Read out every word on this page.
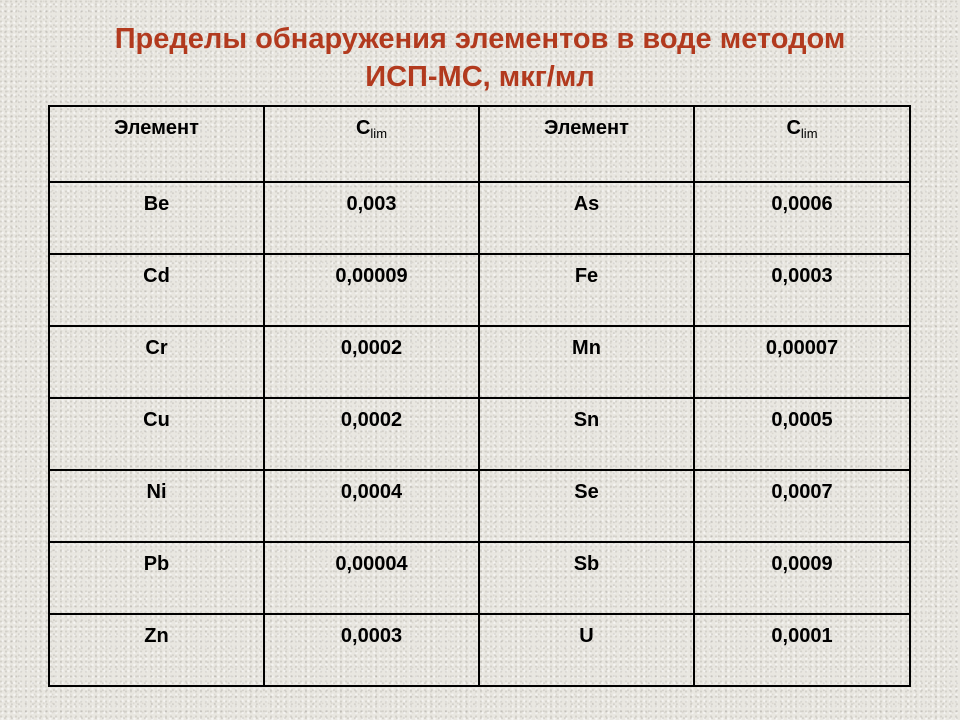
Пределы обнаружения элементов в воде методом
ИСП-МС, мкг/мл
Элемент	$C_{lim}$	Элемент	$C_{lim}$
Be	0,003	As	0,0006
Cd	0,00009	Fe	0,0003
Cr	0,0002	Mn	0,00007
Cu	0,0002	Sn	0,0005
Ni	0,0004	Se	0,0007
Pb	0,00004	Sb	0,0009
Zn	0,0003	U	0,0001
